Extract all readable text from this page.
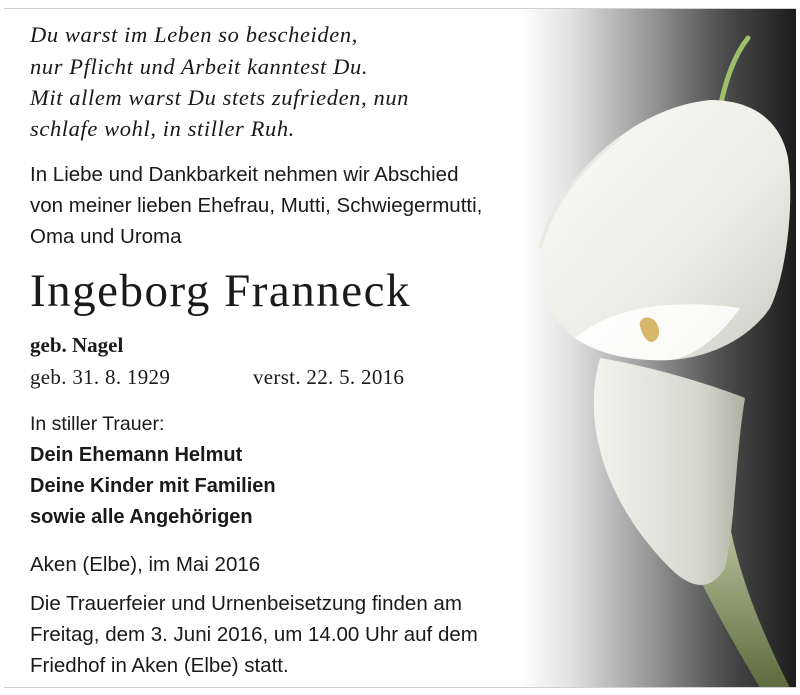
Du warst im Leben so bescheiden,
nur Pflicht und Arbeit kanntest Du.
Mit allem warst Du stets zufrieden, nun
schlafe wohl, in stiller Ruh.
In Liebe und Dankbarkeit nehmen wir Abschied
von meiner lieben Ehefrau, Mutti, Schwiegermutti,
Oma und Uroma
Ingeborg Franneck
geb. Nagel
geb. 31. 8. 1929	verst. 22. 5. 2016
In stiller Trauer:
Dein Ehemann Helmut
Deine Kinder mit Familien
sowie alle Angehörigen
Aken (Elbe), im Mai 2016
Die Trauerfeier und Urnenbeisetzung finden am
Freitag, dem 3. Juni 2016, um 14.00 Uhr auf dem
Friedhof in Aken (Elbe) statt.
